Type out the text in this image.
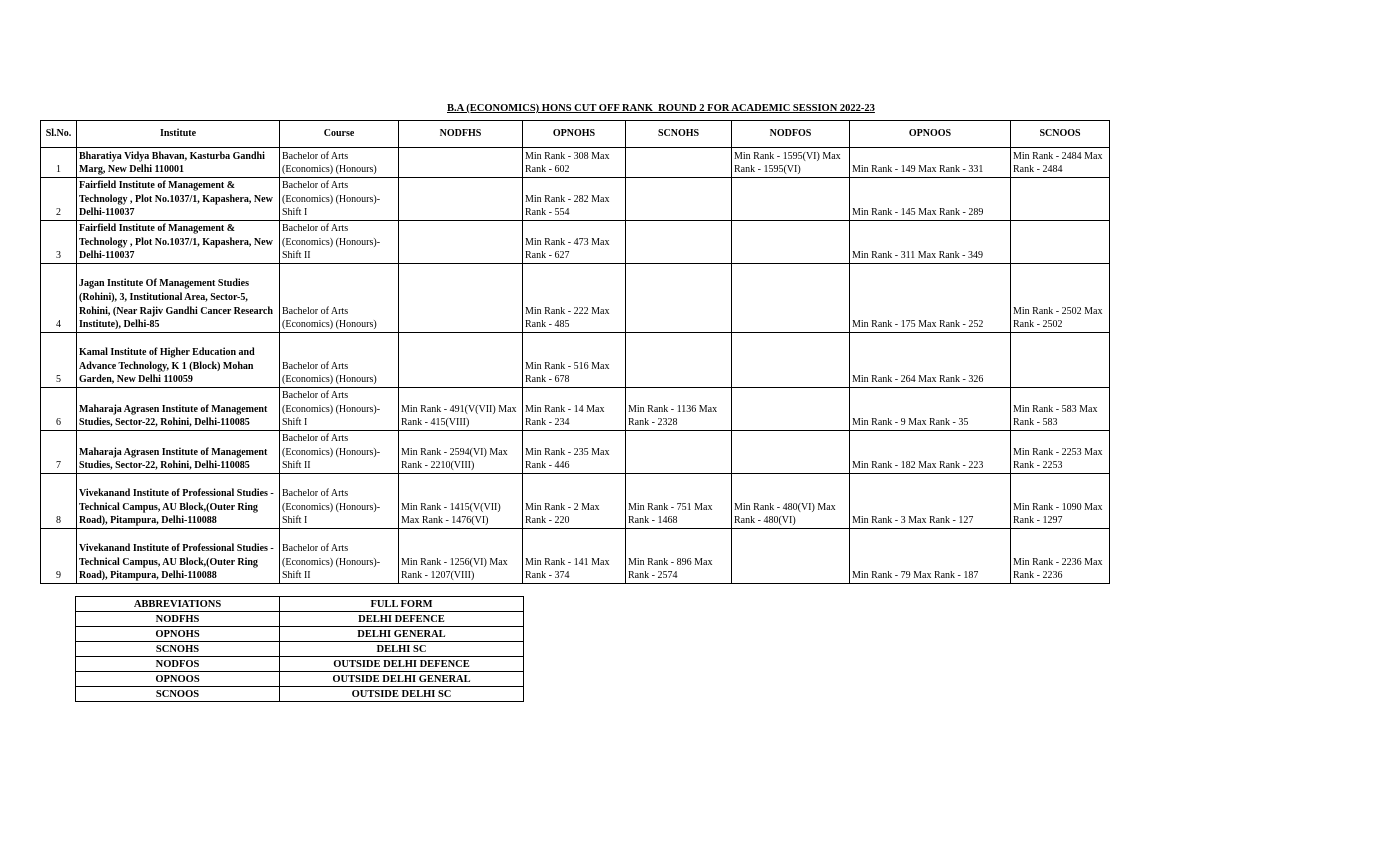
B.A (ECONOMICS) HONS CUT OFF RANK  ROUND 2 FOR ACADEMIC SESSION 2022-23
Sl.No.	Institute	Course	NODFHS	OPNOHS	SCNOHS	NODFOS	OPNOOS	SCNOOS
1	Bharatiya Vidya Bhavan, Kasturba Gandhi Marg, New Delhi 110001	Bachelor of Arts (Economics) (Honours)		Min Rank - 308 Max Rank - 602		Min Rank - 1595(VI) Max Rank - 1595(VI)	Min Rank - 149 Max Rank - 331	Min Rank - 2484 Max Rank - 2484
2	Fairfield Institute of Management & Technology , Plot No.1037/1, Kapashera, New Delhi-110037	Bachelor of Arts (Economics) (Honours)- Shift I		Min Rank - 282 Max Rank - 554			Min Rank - 145 Max Rank - 289	
3	Fairfield Institute of Management & Technology , Plot No.1037/1, Kapashera, New Delhi-110037	Bachelor of Arts (Economics) (Honours)- Shift II		Min Rank - 473 Max Rank - 627			Min Rank - 311 Max Rank - 349	
4	Jagan Institute Of Management Studies (Rohini), 3, Institutional Area, Sector-5, Rohini, (Near Rajiv Gandhi Cancer Research Institute), Delhi-85	Bachelor of Arts (Economics) (Honours)		Min Rank - 222 Max Rank - 485			Min Rank - 175 Max Rank - 252	Min Rank - 2502 Max Rank - 2502
5	Kamal Institute of Higher Education and Advance Technology, K 1 (Block) Mohan Garden, New Delhi 110059	Bachelor of Arts (Economics) (Honours)		Min Rank - 516 Max Rank - 678			Min Rank - 264 Max Rank - 326	
6	Maharaja Agrasen Institute of Management Studies, Sector-22, Rohini, Delhi-110085	Bachelor of Arts (Economics) (Honours)- Shift I	Min Rank - 491(V(VII) Max Rank - 415(VIII)	Min Rank - 14 Max Rank - 234	Min Rank - 1136 Max Rank - 2328		Min Rank - 9 Max Rank - 35	Min Rank - 583 Max Rank - 583
7	Maharaja Agrasen Institute of Management Studies, Sector-22, Rohini, Delhi-110085	Bachelor of Arts (Economics) (Honours)- Shift II	Min Rank - 2594(VI) Max Rank - 2210(VIII)	Min Rank - 235 Max Rank - 446			Min Rank - 182 Max Rank - 223	Min Rank - 2253 Max Rank - 2253
8	Vivekanand Institute of Professional Studies - Technical Campus, AU Block,(Outer Ring Road), Pitampura, Delhi-110088	Bachelor of Arts (Economics) (Honours)- Shift I	Min Rank - 1415(V(VII) Max Rank - 1476(VI)	Min Rank - 2 Max Rank - 220	Min Rank - 751 Max Rank - 1468	Min Rank - 480(VI) Max Rank - 480(VI)	Min Rank - 3 Max Rank - 127	Min Rank - 1090 Max Rank - 1297
9	Vivekanand Institute of Professional Studies - Technical Campus, AU Block,(Outer Ring Road), Pitampura, Delhi-110088	Bachelor of Arts (Economics) (Honours)- Shift II	Min Rank - 1256(VI) Max Rank - 1207(VIII)	Min Rank - 141 Max Rank - 374	Min Rank - 896 Max Rank - 2574		Min Rank - 79 Max Rank - 187	Min Rank - 2236 Max Rank - 2236
ABBREVIATIONS	FULL FORM
NODFHS	DELHI DEFENCE
OPNOHS	DELHI GENERAL
SCNOHS	DELHI SC
NODFOS	OUTSIDE DELHI DEFENCE
OPNOOS	OUTSIDE DELHI GENERAL
SCNOOS	OUTSIDE DELHI SC
